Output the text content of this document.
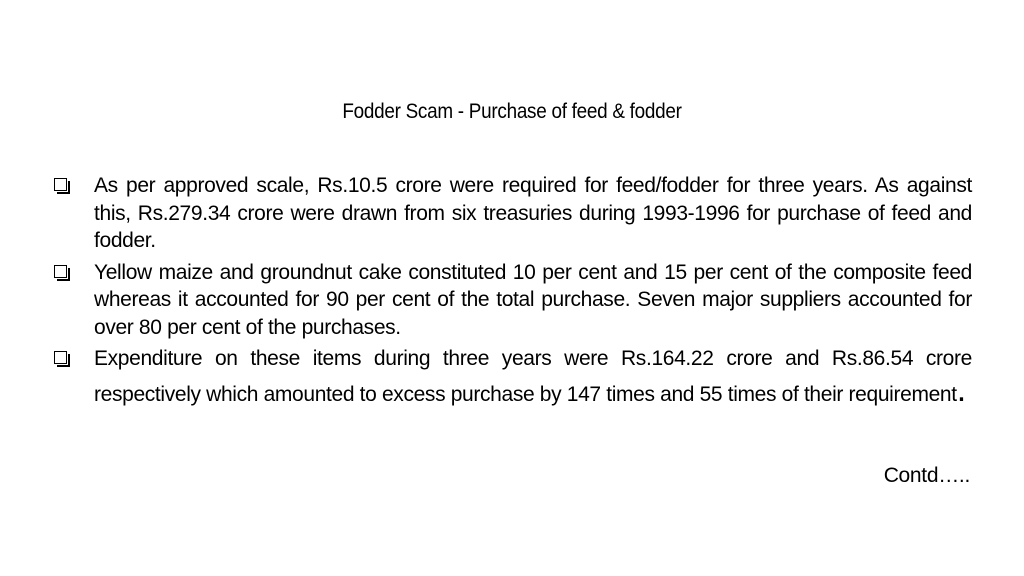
Fodder Scam - Purchase of feed & fodder
As per approved scale, Rs.10.5 crore were required for feed/fodder for three years. As against this, Rs.279.34 crore were drawn from six treasuries during 1993-1996 for purchase of feed and fodder.
Yellow maize and groundnut cake constituted 10 per cent and 15 per cent of the composite feed whereas it accounted for 90 per cent of the total purchase. Seven major suppliers accounted for over 80 per cent of the purchases.
Expenditure on these items during three years were Rs.164.22 crore and Rs.86.54 crore respectively which amounted to excess purchase by 147 times and 55 times of their requirement.
Contd…..
